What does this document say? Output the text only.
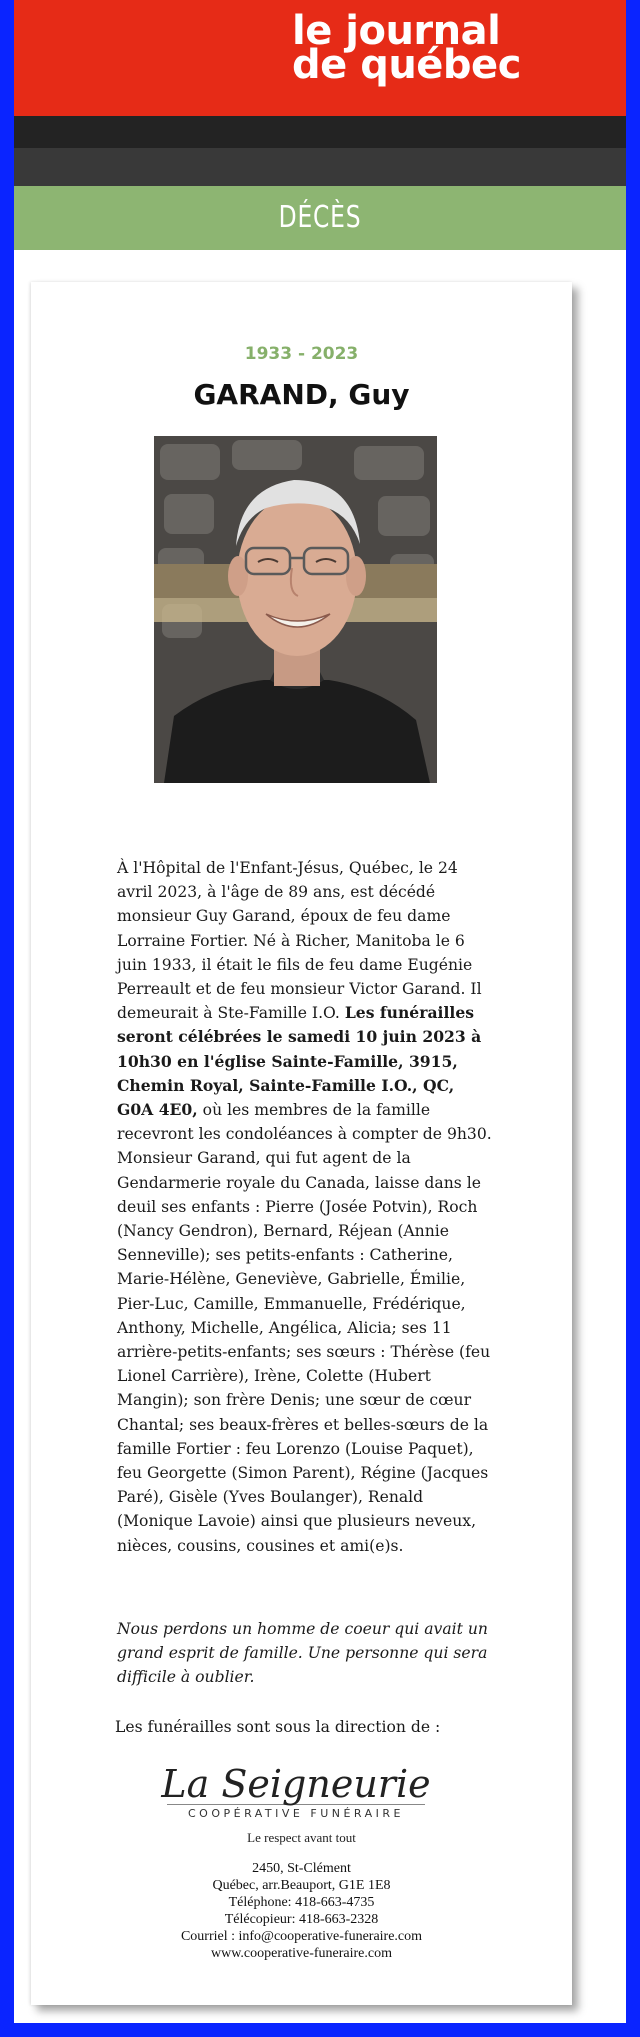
le journal
de québec
DÉCÈS
1933 - 2023
GARAND, Guy
À l'Hôpital de l'Enfant-Jésus, Québec, le 24 avril 2023, à l'âge de 89 ans, est décédé monsieur Guy Garand, époux de feu dame Lorraine Fortier. Né à Richer, Manitoba le 6 juin 1933, il était le fils de feu dame Eugénie Perreault et de feu monsieur Victor Garand. Il demeurait à Ste-Famille I.O. Les funérailles seront célébrées le samedi 10 juin 2023 à 10h30 en l'église Sainte-Famille, 3915, Chemin Royal, Sainte-Famille I.O., QC, G0A 4E0, où les membres de la famille recevront les condoléances à compter de 9h30. Monsieur Garand, qui fut agent de la Gendarmerie royale du Canada, laisse dans le deuil ses enfants : Pierre (Josée Potvin), Roch (Nancy Gendron), Bernard, Réjean (Annie Senneville); ses petits-enfants : Catherine, Marie-Hélène, Geneviève, Gabrielle, Émilie, Pier-Luc, Camille, Emmanuelle, Frédérique, Anthony, Michelle, Angélica, Alicia; ses 11 arrière-petits-enfants; ses sœurs : Thérèse (feu Lionel Carrière), Irène, Colette (Hubert Mangin); son frère Denis; une sœur de cœur Chantal; ses beaux-frères et belles-sœurs de la famille Fortier : feu Lorenzo (Louise Paquet), feu Georgette (Simon Parent), Régine (Jacques Paré), Gisèle (Yves Boulanger), Renald (Monique Lavoie) ainsi que plusieurs neveux, nièces, cousins, cousines et ami(e)s.
Nous perdons un homme de coeur qui avait un grand esprit de famille. Une personne qui sera difficile à oublier.
Les funérailles sont sous la direction de :
La Seigneurie
COOPÉRATIVE FUNÉRAIRE
Le respect avant tout
2450, St-Clément
Québec, arr.Beauport, G1E 1E8
Téléphone: 418-663-4735
Télécopieur: 418-663-2328
Courriel : info@cooperative-funeraire.com
www.cooperative-funeraire.com
